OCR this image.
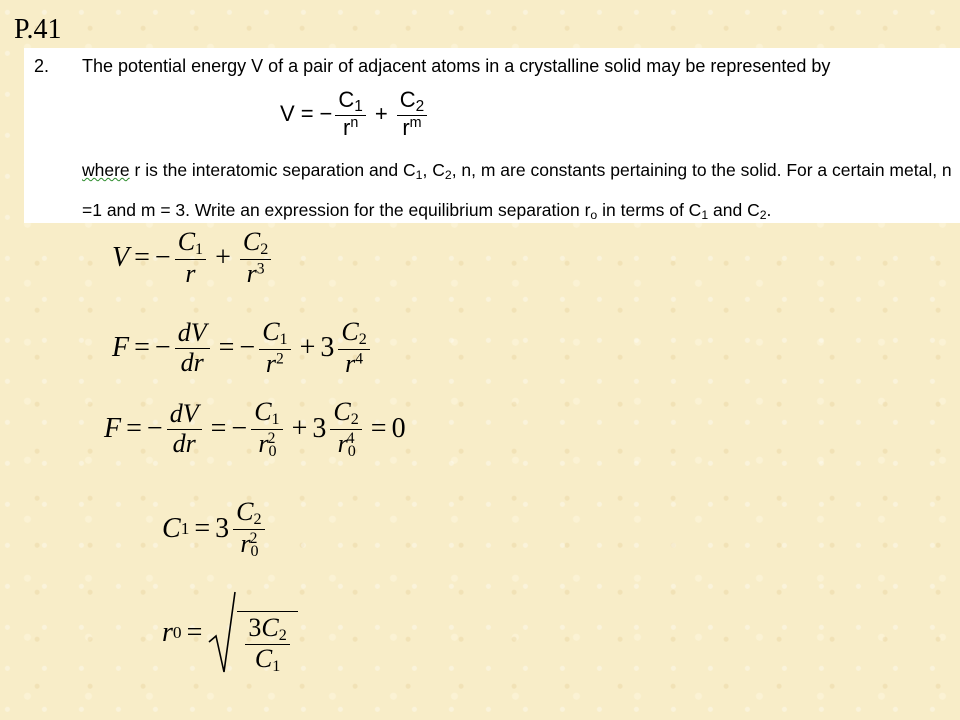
P.41
2. The potential energy V of a pair of adjacent atoms in a crystalline solid may be represented by
V = − $\frac{C_1}{r^n} + \frac{C_2}{r^m}$
where r is the interatomic separation and $C_1$, $C_2$, n, m are constants pertaining to the solid. For a certain metal, n =1 and m = 3. Write an expression for the equilibrium separation $r_o$ in terms of $C_1$ and $C_2$.
V = − $\frac{C_1}{r} + \frac{C_2}{r^3}$
F = − $\frac{dV}{dr}$ = − $\frac{C_1}{r^2} + 3 \frac{C_2}{r^4}$
F = − $\frac{dV}{dr}$ = − $\frac{C_1}{r_0^2} + 3 \frac{C_2}{r_0^4} = 0$
C $1 = 3 \frac{C_2}{r_0^2}$
r $0 = \frac{3C_2}{C_1}$
